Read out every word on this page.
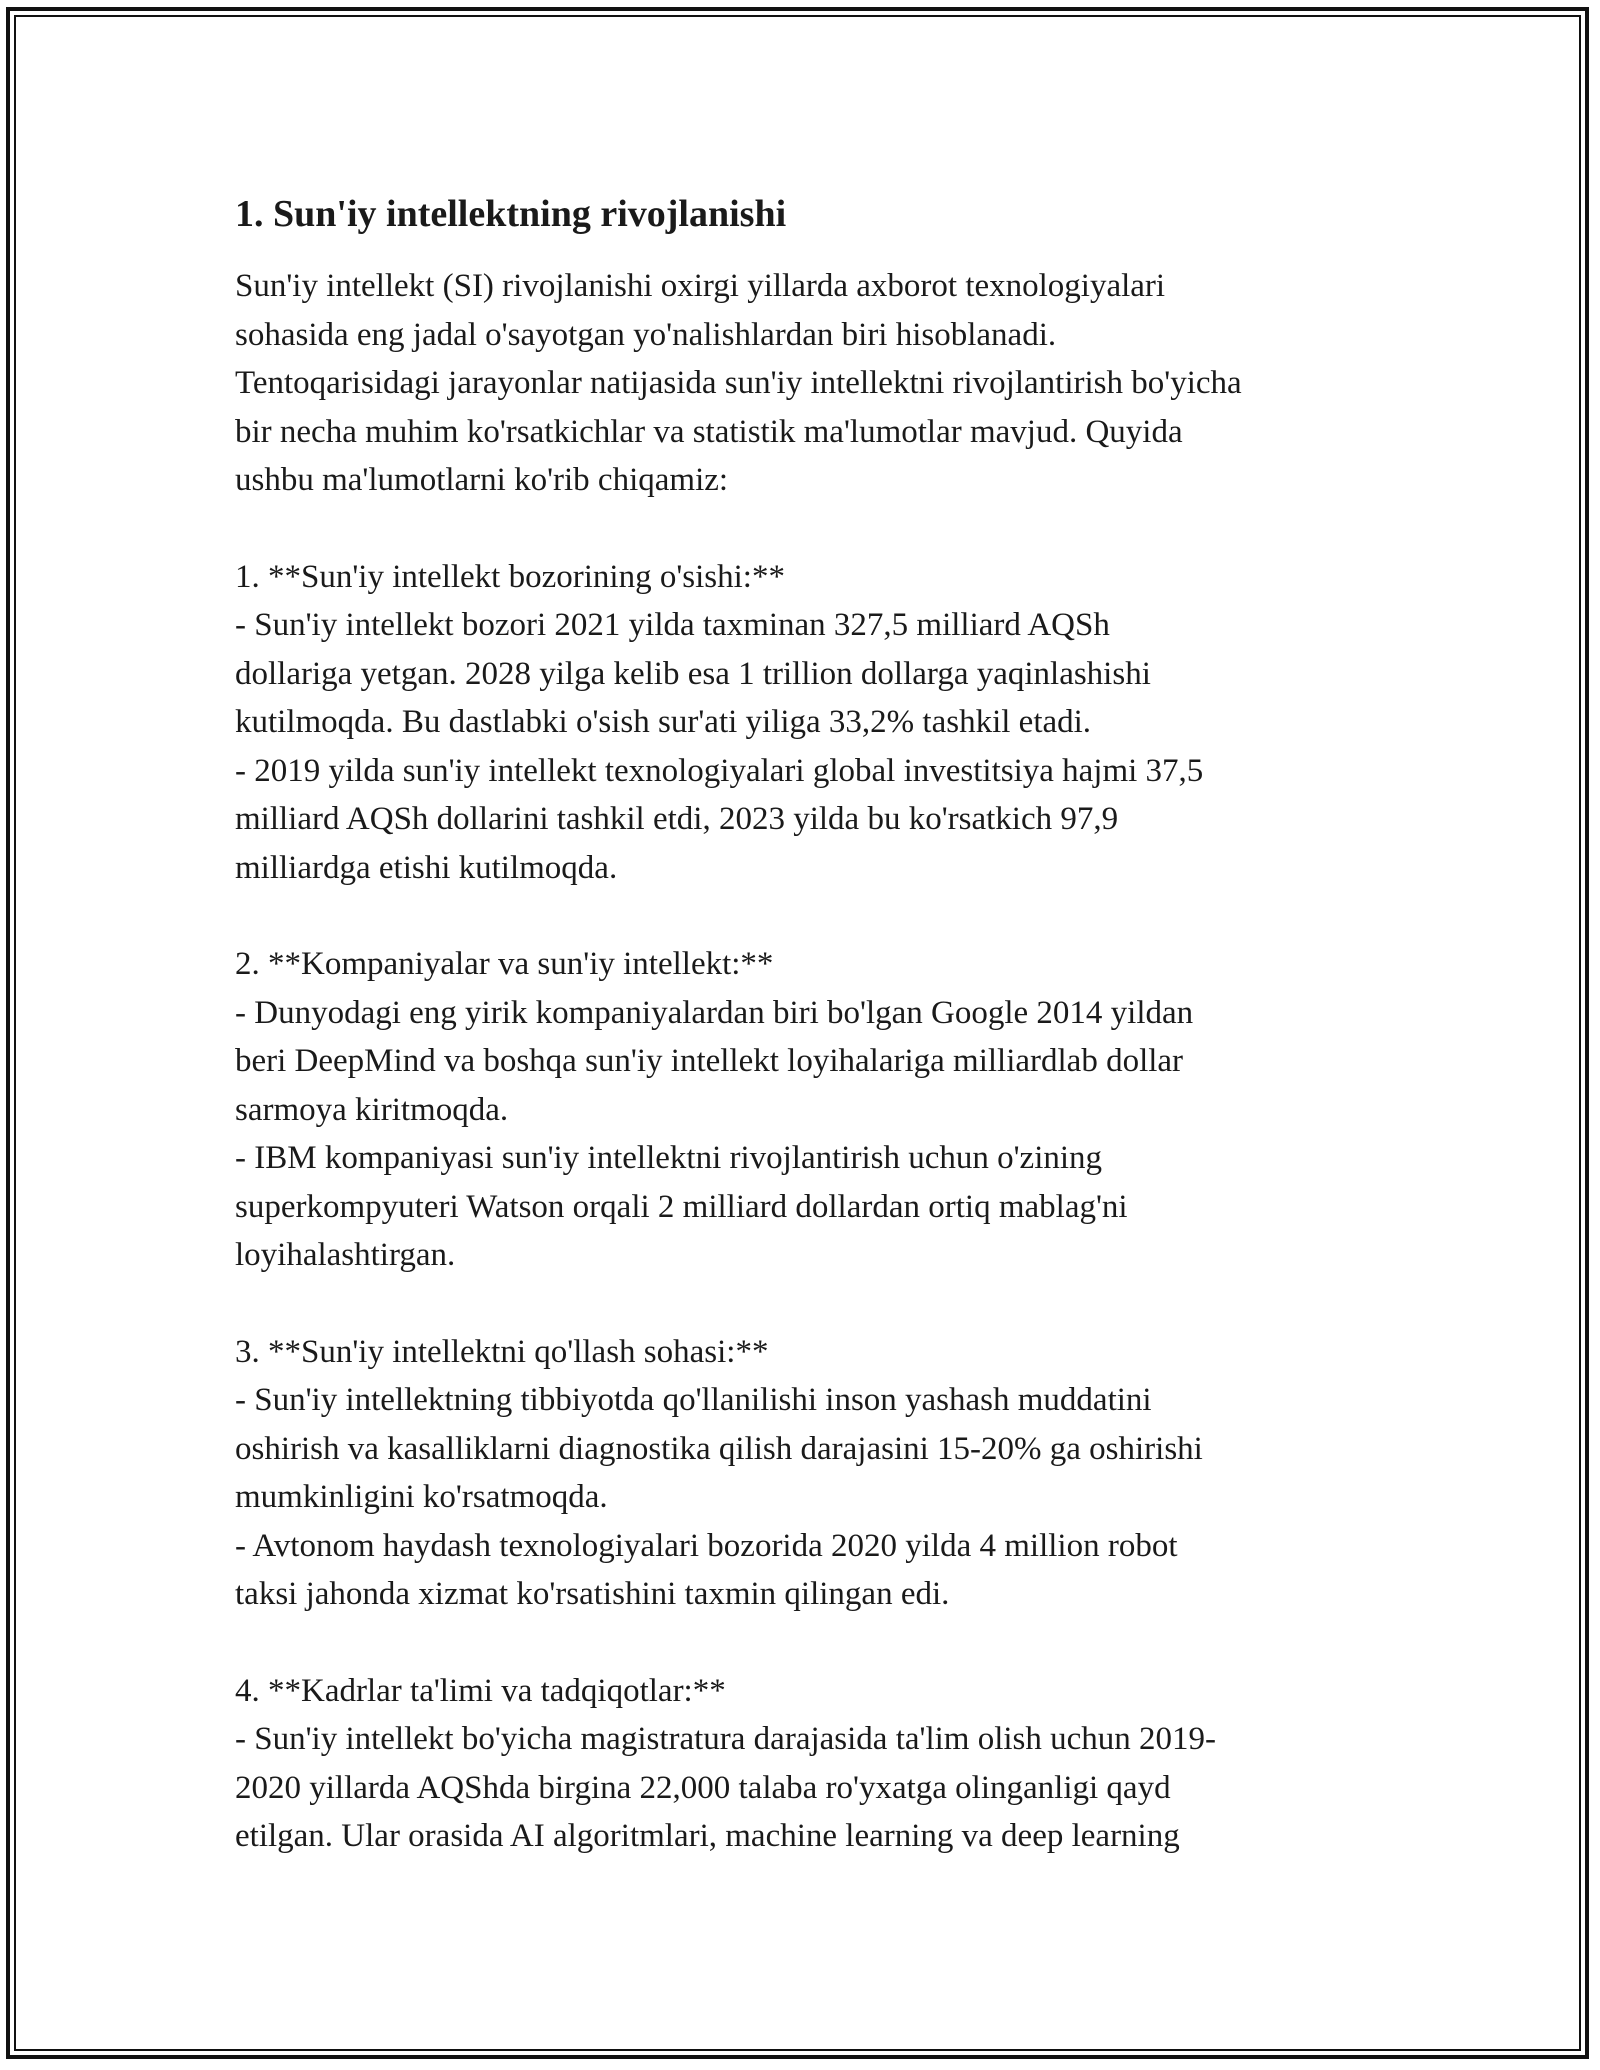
1. Sun'iy intellektning rivojlanishi

Sun'iy intellekt (SI) rivojlanishi oxirgi yillarda axborot texnologiyalari
sohasida eng jadal o'sayotgan yo'nalishlardan biri hisoblanadi.
Tentoqarisidagi jarayonlar natijasida sun'iy intellektni rivojlantirish bo'yicha
bir necha muhim ko'rsatkichlar va statistik ma'lumotlar mavjud. Quyida
ushbu ma'lumotlarni ko'rib chiqamiz:

1. **Sun'iy intellekt bozorining o'sishi:**
- Sun'iy intellekt bozori 2021 yilda taxminan 327,5 milliard AQSh
dollariga yetgan. 2028 yilga kelib esa 1 trillion dollarga yaqinlashishi
kutilmoqda. Bu dastlabki o'sish sur'ati yiliga 33,2% tashkil etadi.
- 2019 yilda sun'iy intellekt texnologiyalari global investitsiya hajmi 37,5
milliard AQSh dollarini tashkil etdi, 2023 yilda bu ko'rsatkich 97,9
milliardga etishi kutilmoqda.

2. **Kompaniyalar va sun'iy intellekt:**
- Dunyodagi eng yirik kompaniyalardan biri bo'lgan Google 2014 yildan
beri DeepMind va boshqa sun'iy intellekt loyihalariga milliardlab dollar
sarmoya kiritmoqda.
- IBM kompaniyasi sun'iy intellektni rivojlantirish uchun o'zining
superkompyuteri Watson orqali 2 milliard dollardan ortiq mablag'ni
loyihalashtirgan.

3. **Sun'iy intellektni qo'llash sohasi:**
- Sun'iy intellektning tibbiyotda qo'llanilishi inson yashash muddatini
oshirish va kasalliklarni diagnostika qilish darajasini 15-20% ga oshirishi
mumkinligini ko'rsatmoqda.
- Avtonom haydash texnologiyalari bozorida 2020 yilda 4 million robot
taksi jahonda xizmat ko'rsatishini taxmin qilingan edi.

4. **Kadrlar ta'limi va tadqiqotlar:**
- Sun'iy intellekt bo'yicha magistratura darajasida ta'lim olish uchun 2019-
2020 yillarda AQShda birgina 22,000 talaba ro'yxatga olinganligi qayd
etilgan. Ular orasida AI algoritmlari, machine learning va deep learning
